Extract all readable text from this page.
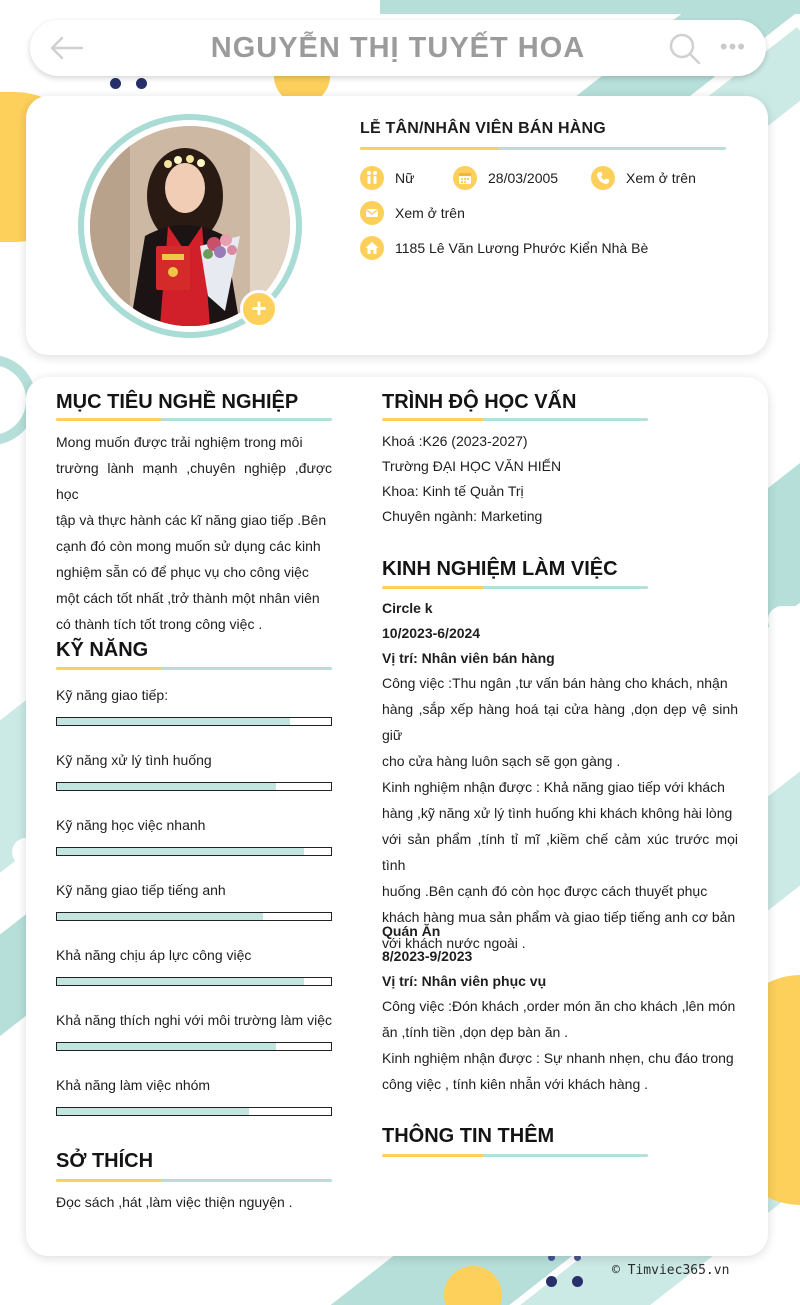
NGUYỄN THỊ TUYẾT HOA	•••
+
LỄ TÂN/NHÂN VIÊN BÁN HÀNG
Nữ	28/03/2005	Xem ở trên
Xem ở trên
1185 Lê Văn Lương Phước Kiển Nhà Bè
MỤC TIÊU NGHỀ NGHIỆP
Mong muốn được trải nghiệm trong môi
trường lành mạnh ,chuyên nghiệp ,được học
tập và thực hành các kĩ năng giao tiếp .Bên
cạnh đó còn mong muốn sử dụng các kinh
nghiệm sẵn có để phục vụ cho công việc
một cách tốt nhất ,trở thành một nhân viên
có thành tích tốt trong công việc .
KỸ NĂNG
Kỹ năng giao tiếp:
Kỹ năng xử lý tình huống
Kỹ năng học việc nhanh
Kỹ năng giao tiếp tiếng anh
Khả năng chịu áp lực công việc
Khả năng thích nghi với môi trường làm việc
Khả năng làm việc nhóm
SỞ THÍCH
Đọc sách ,hát ,làm việc thiện nguyện .
TRÌNH ĐỘ HỌC VẤN
Khoá :K26 (2023-2027)
Trường ĐẠI HỌC VĂN HIẾN
Khoa: Kinh tế Quản Trị
Chuyên ngành: Marketing
KINH NGHIỆM LÀM VIỆC
Circle k
10/2023-6/2024
Vị trí: Nhân viên bán hàng
Công việc :Thu ngân ,tư vấn bán hàng cho khách, nhận
hàng ,sắp xếp hàng hoá tại cửa hàng ,dọn dẹp vệ sinh giữ
cho cửa hàng luôn sạch sẽ gọn gàng .
Kinh nghiệm nhận được : Khả năng giao tiếp với khách
hàng ,kỹ năng xử lý tình huống khi khách không hài lòng
với sản phẩm ,tính tỉ mĩ ,kiềm chế cảm xúc trước mọi tình
huống .Bên cạnh đó còn học được cách thuyết phục
khách hàng mua sản phẩm và giao tiếp tiếng anh cơ bản
với khách nước ngoài .
Quán Ăn
8/2023-9/2023
Vị trí: Nhân viên phục vụ
Công việc :Đón khách ,order món ăn cho khách ,lên món
ăn ,tính tiền ,dọn dẹp bàn ăn .
Kinh nghiệm nhận được : Sự nhanh nhẹn, chu đáo trong
công việc , tính kiên nhẫn với khách hàng .
THÔNG TIN THÊM
© Timviec365.vn
